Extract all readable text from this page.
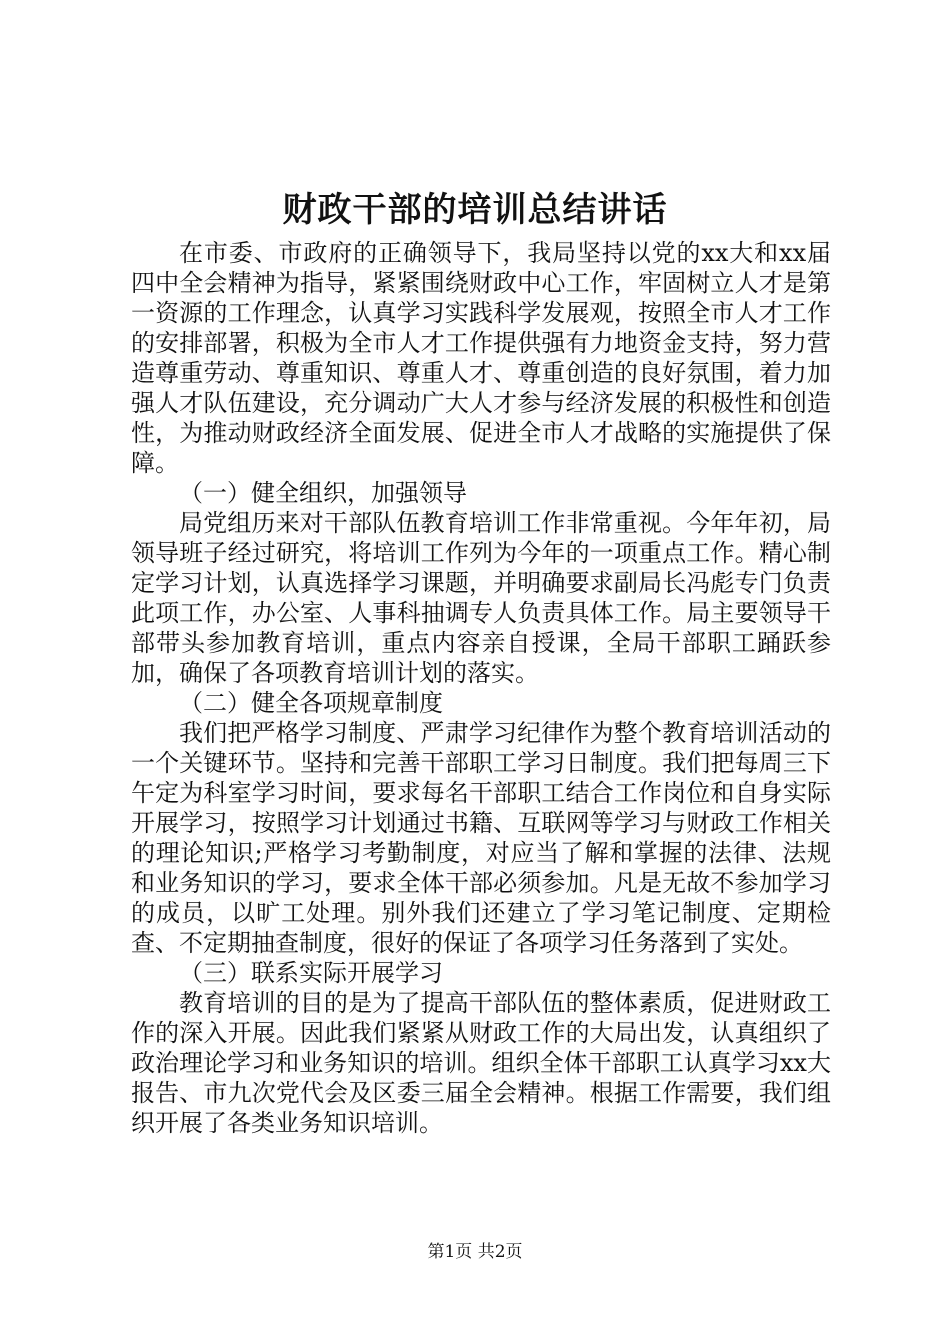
财政干部的培训总结讲话

在市委、市政府的正确领导下，我局坚持以党的xx大和xx届四中全会精神为指导，紧紧围绕财政中心工作，牢固树立人才是第一资源的工作理念，认真学习实践科学发展观，按照全市人才工作的安排部署，积极为全市人才工作提供强有力地资金支持，努力营造尊重劳动、尊重知识、尊重人才、尊重创造的良好氛围，着力加强人才队伍建设，充分调动广大人才参与经济发展的积极性和创造性，为推动财政经济全面发展、促进全市人才战略的实施提供了保障。

（一）健全组织，加强领导

局党组历来对干部队伍教育培训工作非常重视。今年年初，局领导班子经过研究，将培训工作列为今年的一项重点工作。精心制定学习计划，认真选择学习课题，并明确要求副局长冯彪专门负责此项工作，办公室、人事科抽调专人负责具体工作。局主要领导干部带头参加教育培训，重点内容亲自授课，全局干部职工踊跃参加，确保了各项教育培训计划的落实。

（二）健全各项规章制度

我们把严格学习制度、严肃学习纪律作为整个教育培训活动的一个关键环节。坚持和完善干部职工学习日制度。我们把每周三下午定为科室学习时间，要求每名干部职工结合工作岗位和自身实际开展学习，按照学习计划通过书籍、互联网等学习与财政工作相关的理论知识;严格学习考勤制度，对应当了解和掌握的法律、法规和业务知识的学习，要求全体干部必须参加。凡是无故不参加学习的成员，以旷工处理。别外我们还建立了学习笔记制度、定期检查、不定期抽查制度，很好的保证了各项学习任务落到了实处。

（三）联系实际开展学习

教育培训的目的是为了提高干部队伍的整体素质，促进财政工作的深入开展。因此我们紧紧从财政工作的大局出发，认真组织了政治理论学习和业务知识的培训。组织全体干部职工认真学习xx大报告、市九次党代会及区委三届全会精神。根据工作需要，我们组织开展了各类业务知识培训。

第1页 共2页
